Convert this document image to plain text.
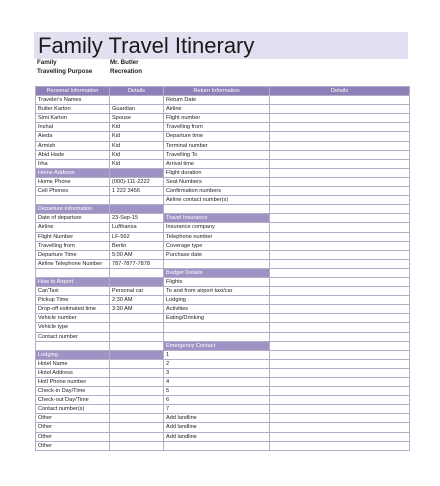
Family Travel Itinerary
Family	Mr. Butler
Travelling Purpose	Recreation
Personal Information	Details	Return Information	Details
Traveler's Names		Return Date	
Butler Karton	Guardian	Airline	
Simi Karton	Spouse	Flight number	
Inshal	Kid	Travelling from	
Aieda	Kid	Departure time	
Armish	Kid	Terminal number	
Abid Hade	Kid	Travelling To	
Irha	Kid	Arrival time	
Home Address		Flight duration	
Home Phone	(000)-111-2222	Seat Numbers	
Cell Phones	1 222 3456	Confirmation numbers	
		Airline contact number(s)	
Departure Information			
Date of departure	23-Sep-15	Travel Insurance	
Airline	Lufthansa	Insurance company	
Flight Number	LF-562	Telephone number	
Travelling from	Berlin	Coverage type	
Departure Time	5:00 AM	Purchase date	
Airline Telephone Number	787-7877-7878		
		Budget Details	
How to Airport		Flights	
Car/Taxi	Personal car	To and from airport taxi/car	
Pickup Time	2:30 AM	Lodging	
Drop-off estimated time	3:30 AM	Activities	
Vehicle number		Eating/Drinking	
Vehicle type			
Contact number			
		Emergency Contact	
Lodging		1	
Hotel Name		2	
Hotel Address		3	
Hotl Phone number		4	
Check-in Day/Time		5	
Check-out Day/Time		6	
Contact number(s)		7	
Other		Add landline	
Other		Add landline	
Other		Add landline	
Other			
